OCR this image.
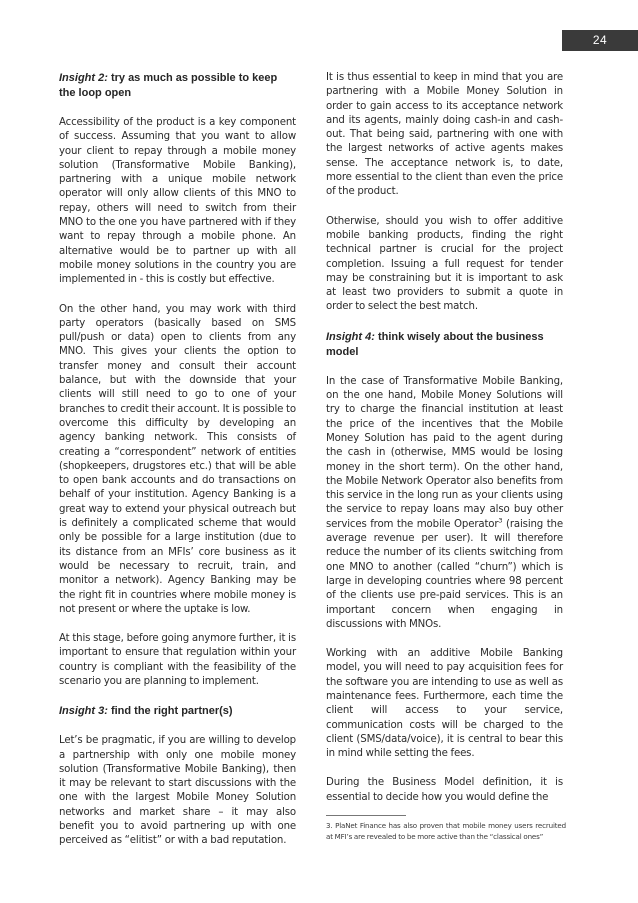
24
Insight 2: try as much as possible to keep the loop open

Accessibility of the product is a key component of success. Assuming that you want to allow your client to repay through a mobile money solution (Transformative Mobile Banking), partnering with a unique mobile network operator will only allow clients of this MNO to repay, others will need to switch from their MNO to the one you have partnered with if they want to repay through a mobile phone. An alternative would be to partner up with all mobile money solutions in the country you are implemented in - this is costly but effective.

On the other hand, you may work with third party operators (basically based on SMS pull/push or data) open to clients from any MNO. This gives your clients the option to transfer money and consult their account balance, but with the downside that your clients will still need to go to one of your branches to credit their account. It is possible to overcome this difficulty by developing an agency banking network. This consists of creating a “correspondent” network of entities (shopkeepers, drugstores etc.) that will be able to open bank accounts and do transactions on behalf of your institution. Agency Banking is a great way to extend your physical outreach but is definitely a complicated scheme that would only be possible for a large institution (due to its distance from an MFIs’ core business as it would be necessary to recruit, train, and monitor a network). Agency Banking may be the right fit in countries where mobile money is not present or where the uptake is low.

At this stage, before going anymore further, it is important to ensure that regulation within your country is compliant with the feasibility of the scenario you are planning to implement.

Insight 3: find the right partner(s)

Let’s be pragmatic, if you are willing to develop a partnership with only one mobile money solution (Transformative Mobile Banking), then it may be relevant to start discussions with the one with the largest Mobile Money Solution networks and market share – it may also benefit you to avoid partnering up with one perceived as “elitist” or with a bad reputation.

It is thus essential to keep in mind that you are partnering with a Mobile Money Solution in order to gain access to its acceptance network and its agents, mainly doing cash-in and cash-out. That being said, partnering with one with the largest networks of active agents makes sense. The acceptance network is, to date, more essential to the client than even the price of the product.

Otherwise, should you wish to offer additive mobile banking products, finding the right technical partner is crucial for the project completion. Issuing a full request for tender may be constraining but it is important to ask at least two providers to submit a quote in order to select the best match.

Insight 4: think wisely about the business model

In the case of Transformative Mobile Banking, on the one hand, Mobile Money Solutions will try to charge the financial institution at least the price of the incentives that the Mobile Money Solution has paid to the agent during the cash in (otherwise, MMS would be losing money in the short term). On the other hand, the Mobile Network Operator also benefits from this service in the long run as your clients using the service to repay loans may also buy other services from the mobile Operator$^3$ (raising the average revenue per user). It will therefore reduce the number of its clients switching from one MNO to another (called “churn”) which is large in developing countries where 98 percent of the clients use pre-paid services. This is an important concern when engaging in discussions with MNOs.

Working with an additive Mobile Banking model, you will need to pay acquisition fees for the software you are intending to use as well as maintenance fees. Furthermore, each time the client will access to your service, communication costs will be charged to the client (SMS/data/voice), it is central to bear this in mind while setting the fees.

During the Business Model definition, it is essential to decide how you would define the

3. PlaNet Finance has also proven that mobile money users recruited at MFI’s are revealed to be more active than the “classical ones”
